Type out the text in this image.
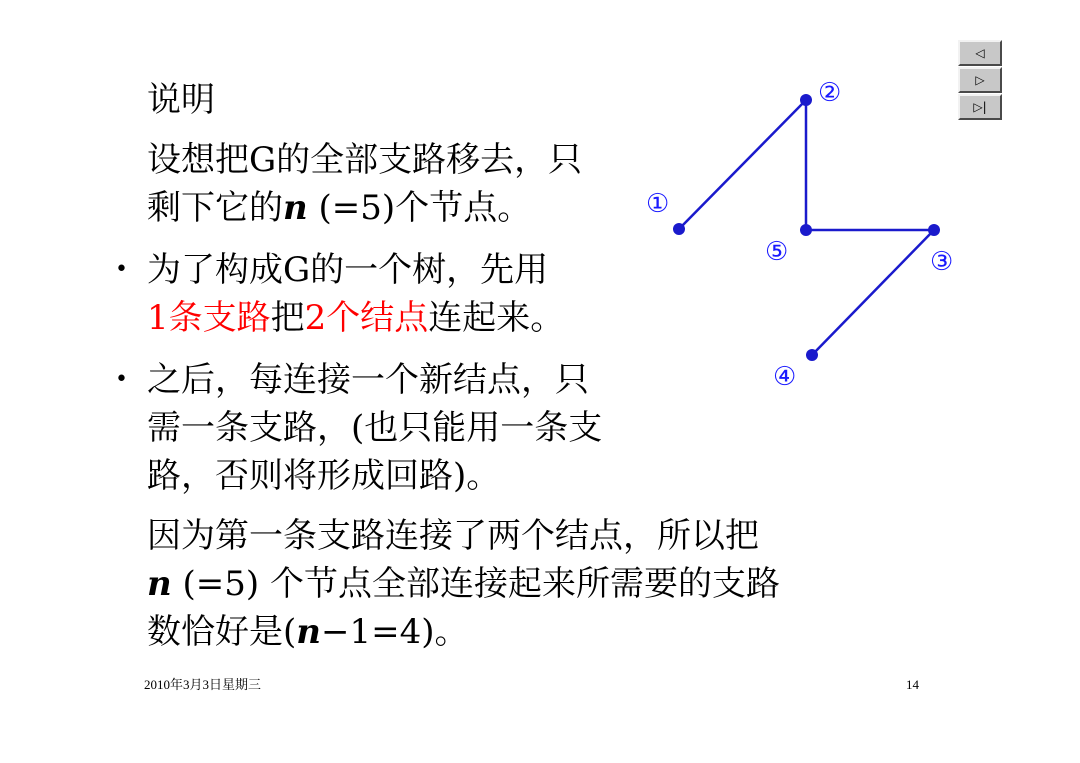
说明
设想把G的全部支路移去，只
剩下它的n (=5)个节点。
• 为了构成G的一个树，先用
1条支路把2个结点连起来。
• 之后，每连接一个新结点，只
需一条支路，(也只能用一条支
路，否则将形成回路)。
因为第一条支路连接了两个结点，所以把
n (=5) 个节点全部连接起来所需要的支路
数恰好是(n−1=4)。
①
②
③
④
⑤
◁
▷
▷|
2010年3月3日星期三	14
